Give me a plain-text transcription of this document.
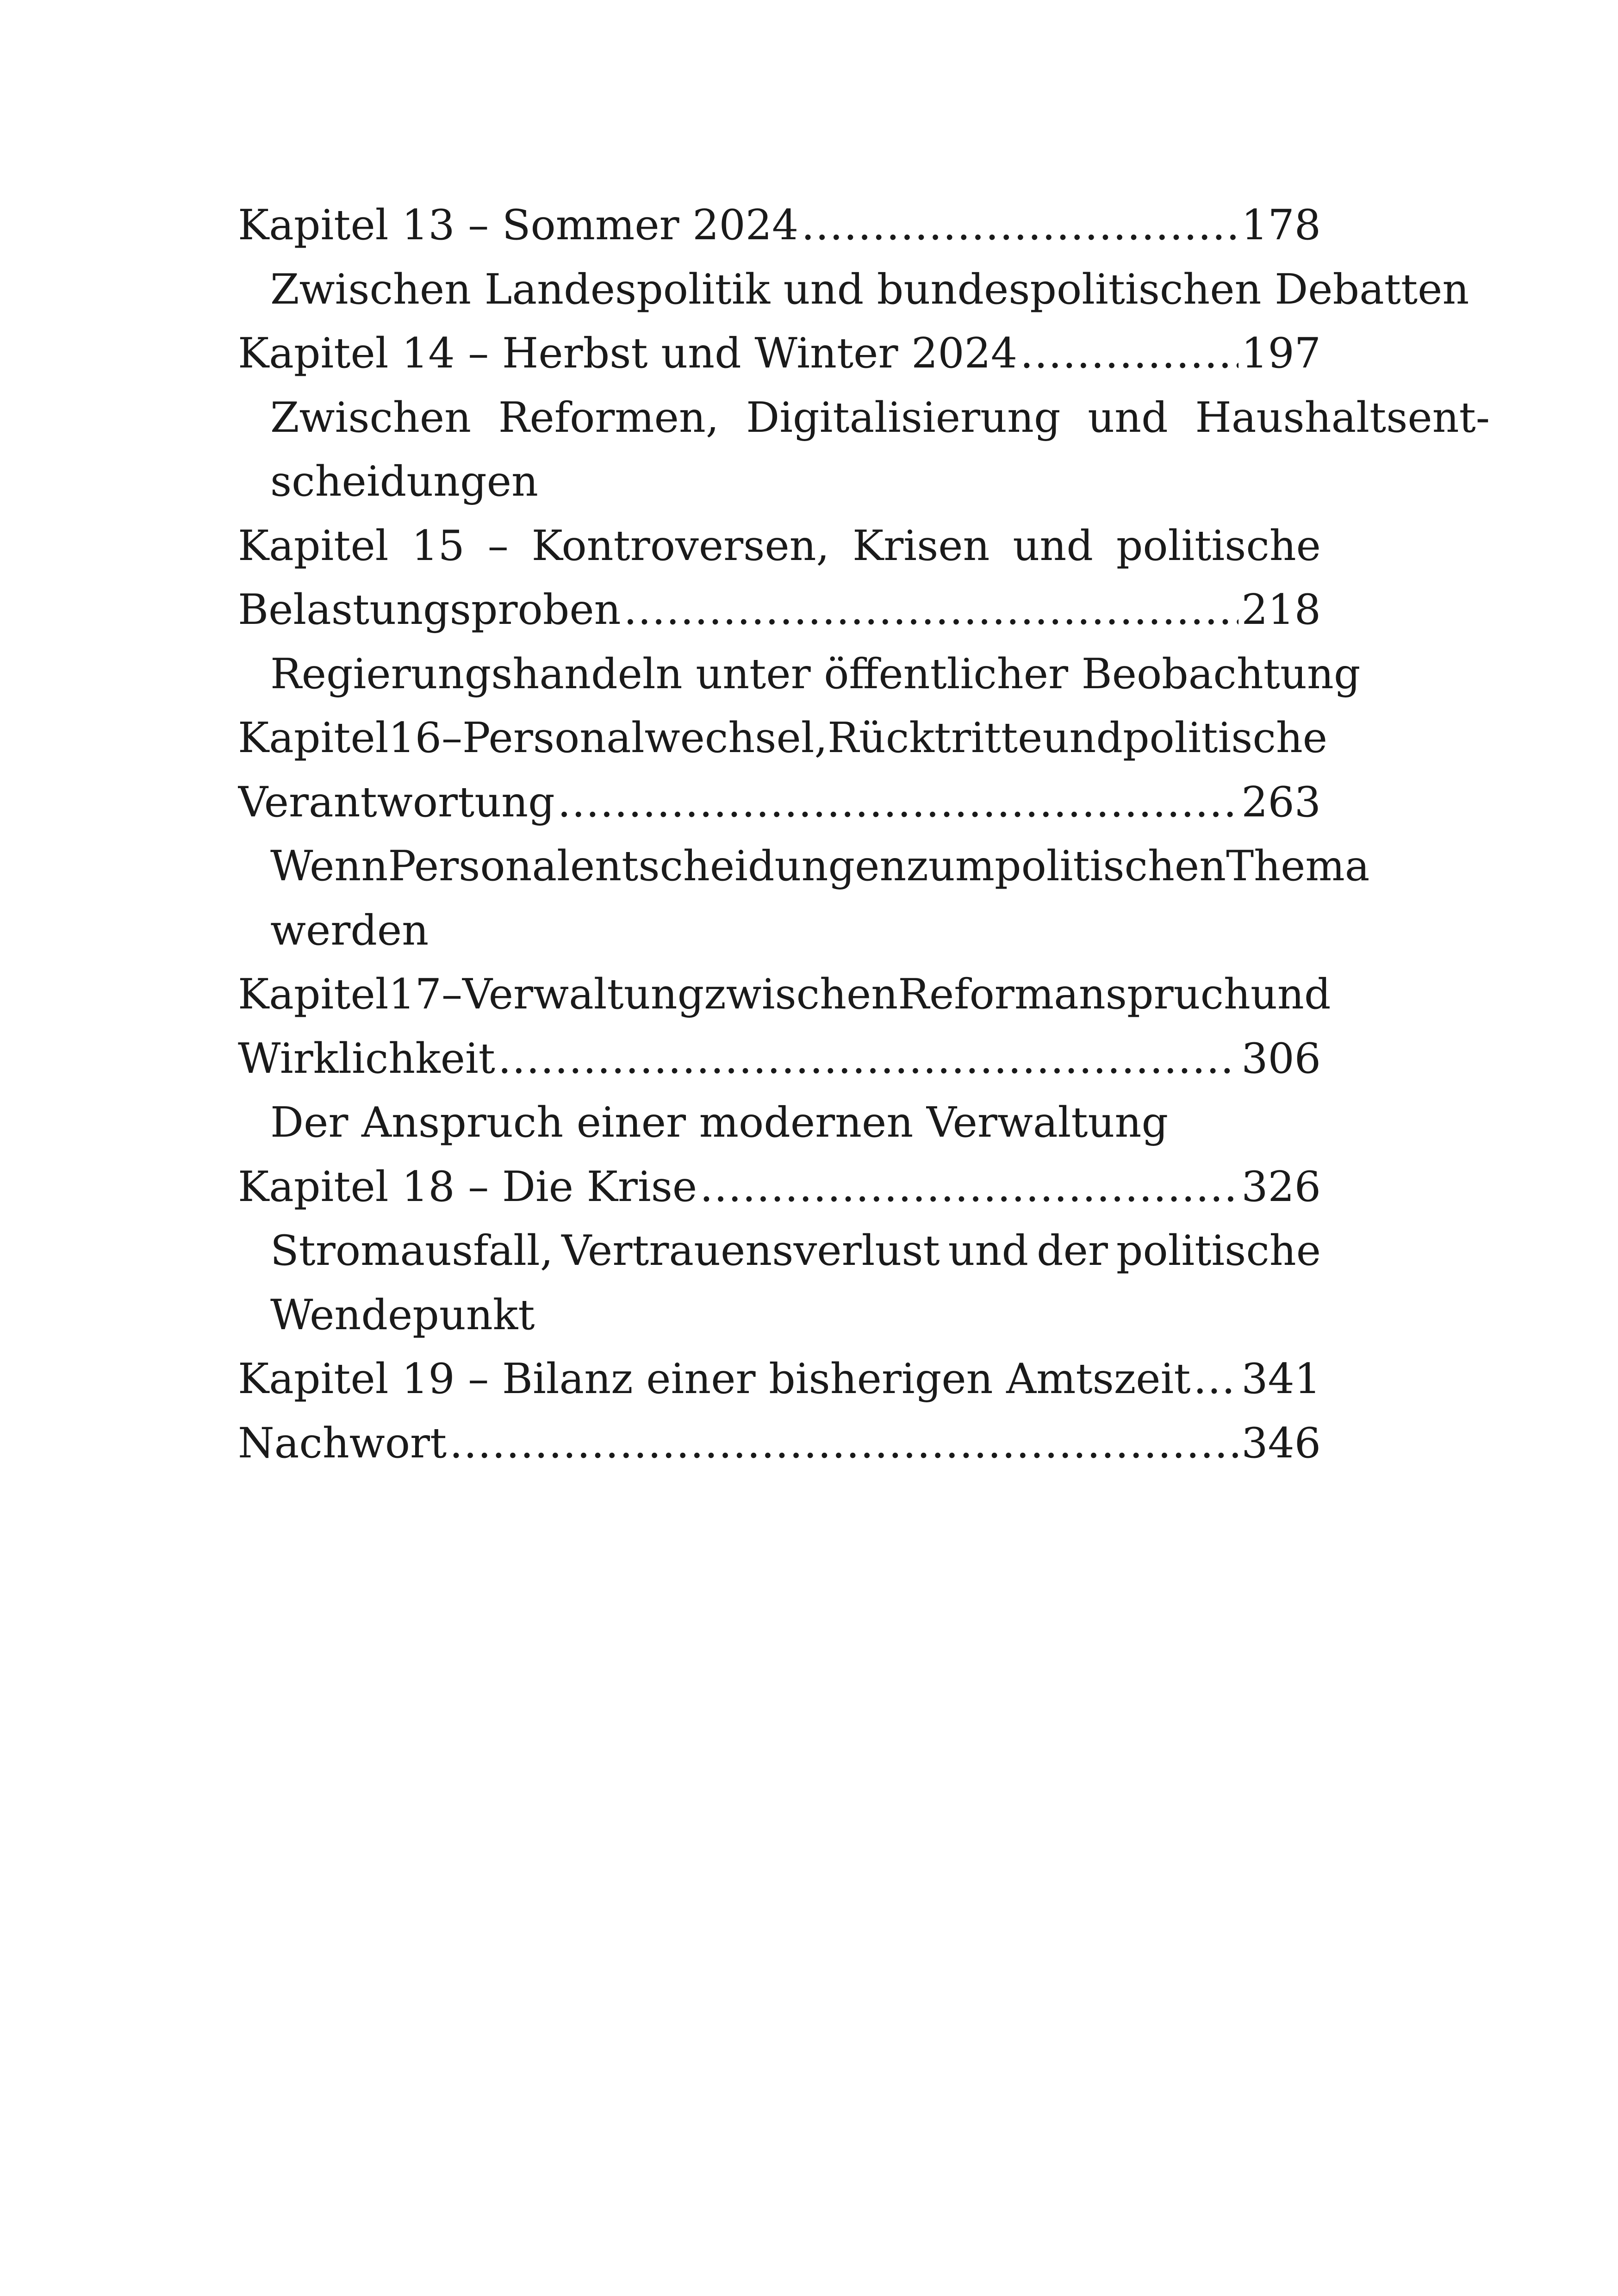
Kapitel 13 – Sommer 2024 .....	178
Zwischen Landespolitik und bundespolitischen Debatten
Kapitel 14 – Herbst und Winter 2024 .....	197
Zwischen Reformen, Digitalisierung und Haushaltsent-
scheidungen
Kapitel 15 – Kontroversen, Krisen und politische
Belastungsproben .....	218
Regierungshandeln unter öffentlicher Beobachtung
Kapitel 16 – Personalwechsel, Rücktritte und politische
Verantwortung .....	263
Wenn Personalentscheidungen zum politischen Thema
werden
Kapitel 17 – Verwaltung zwischen Reformanspruch und
Wirklichkeit .....	306
Der Anspruch einer modernen Verwaltung
Kapitel 18 – Die Krise .....	326
Stromausfall, Vertrauensverlust und der politische
Wendepunkt
Kapitel 19 – Bilanz einer bisherigen Amtszeit ..... 341
Nachwort .....	346
